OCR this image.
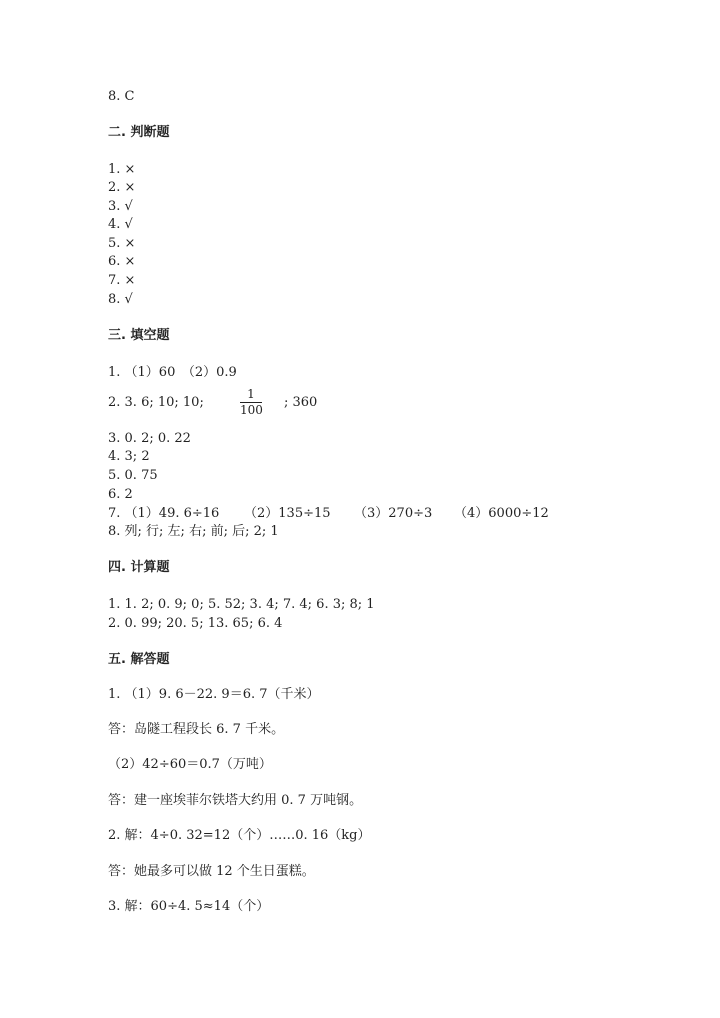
8. C
二. 判断题
1. ×
2. ×
3. √
4. √
5. ×
6. ×
7. ×
8. √
三. 填空题
1. （1）60　（2）0.9
2. 3. 6; 10; 10;
1
100 ; 360
3. 0. 2; 0. 22
4. 3; 2
5. 0. 75
6. 2
7. （1）49. 6÷16 （2）135÷15 （3）270÷3 （4）6000÷12
8. 列; 行; 左; 右; 前; 后; 2; 1
四. 计算题
1. 1. 2; 0. 9; 0; 5. 52; 3. 4; 7. 4; 6. 3; 8; 1
2. 0. 99; 20. 5; 13. 65; 6. 4
五. 解答题
1. （1）9. 6－22. 9＝6. 7（千米）
答：岛隧工程段长 6. 7 千米。
（2）42÷60＝0.7（万吨）
答：建一座埃菲尔铁塔大约用 0. 7 万吨钢。
2. 解：4÷0. 32=12（个）……0. 16（kg）
答：她最多可以做 12 个生日蛋糕。
3. 解：60÷4. 5≈14（个）
